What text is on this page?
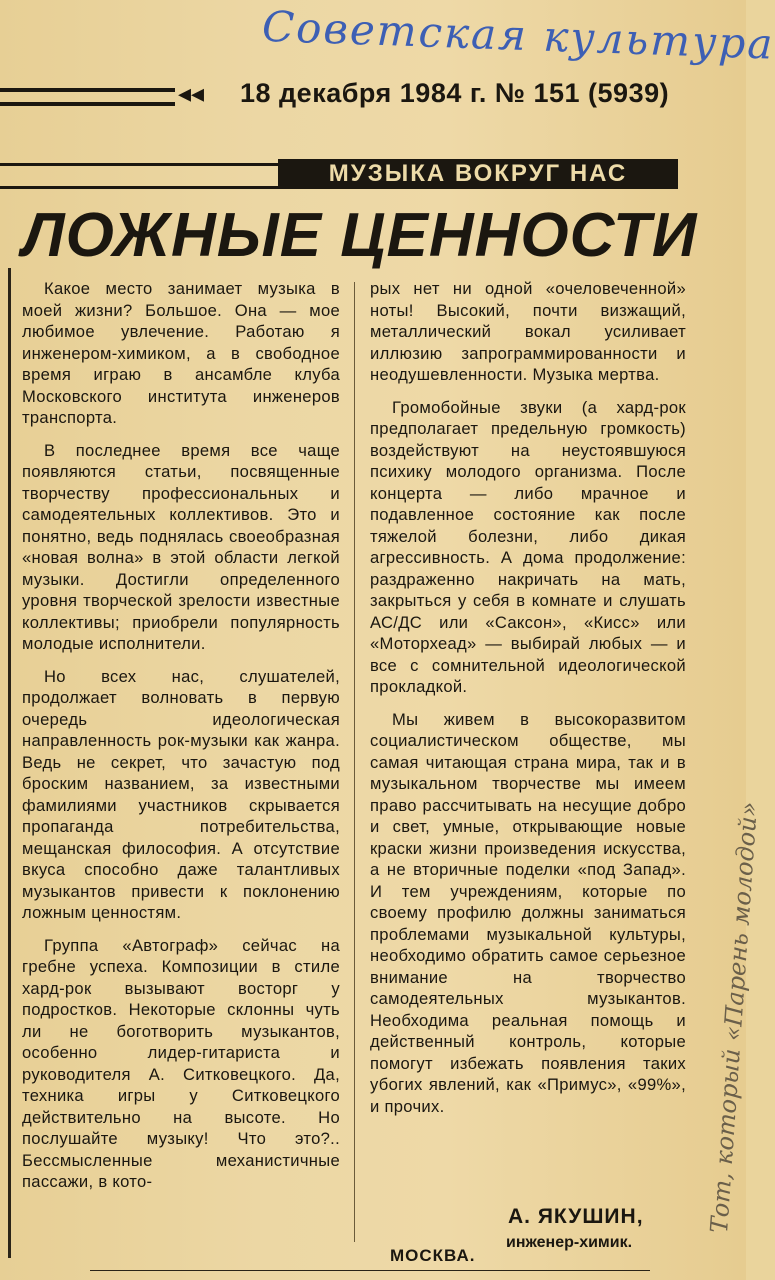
Советская культура
◂◂ 18 декабря 1984 г. № 151 (5939)
МУЗЫКА ВОКРУГ НАС
ЛОЖНЫЕ ЦЕННОСТИ

Какое место занимает музыка в моей жизни? Большое. Она — мое любимое увлечение. Работаю я инженером-химиком, а в свободное время играю в ансамбле клуба Московского института инженеров транспорта.

В последнее время все чаще появляются статьи, посвященные творчеству профессиональных и самодеятельных коллективов. Это и понятно, ведь поднялась своеобразная «новая волна» в этой области легкой музыки. Достигли определенного уровня творческой зрелости известные коллективы; приобрели популярность молодые исполнители.

Но всех нас, слушателей, продолжает волновать в первую очередь идеологическая направленность рок-музыки как жанра. Ведь не секрет, что зачастую под броским названием, за известными фамилиями участников скрывается пропаганда потребительства, мещанская философия. А отсутствие вкуса способно даже талантливых музыкантов привести к поклонению ложным ценностям.

Группа «Автограф» сейчас на гребне успеха. Композиции в стиле хард-рок вызывают восторг у подростков. Некоторые склонны чуть ли не боготворить музыкантов, особенно лидер-гитариста и руководителя А. Ситковецкого. Да, техника игры у Ситковецкого действительно на высоте. Но послушайте музыку! Что это?.. Бессмысленные механистичные пассажи, в кото-

рых нет ни одной «очеловеченной» ноты! Высокий, почти визжащий, металлический вокал усиливает иллюзию запрограммированности и неодушевленности. Музыка мертва.

Громобойные звуки (а хард-рок предполагает предельную громкость) воздействуют на неустоявшуюся психику молодого организма. После концерта — либо мрачное и подавленное состояние как после тяжелой болезни, либо дикая агрессивность. А дома продолжение: раздраженно накричать на мать, закрыться у себя в комнате и слушать АС/ДС или «Саксон», «Кисс» или «Моторхеад» — выбирай любых — и все с сомнительной идеологической прокладкой.

Мы живем в высокоразвитом социалистическом обществе, мы самая читающая страна мира, так и в музыкальном творчестве мы имеем право рассчитывать на несущие добро и свет, умные, открывающие новые краски жизни произведения искусства, а не вторичные поделки «под Запад». И тем учреждениям, которые по своему профилю должны заниматься проблемами музыкальной культуры, необходимо обратить самое серьезное внимание на творчество самодеятельных музыкантов. Необходима реальная помощь и действенный контроль, которые помогут избежать появления таких убогих явлений, как «Примус», «99%», и прочих.

А. ЯКУШИН,
инженер-химик.
МОСКВА.
Тот, который «Парень молодой»
